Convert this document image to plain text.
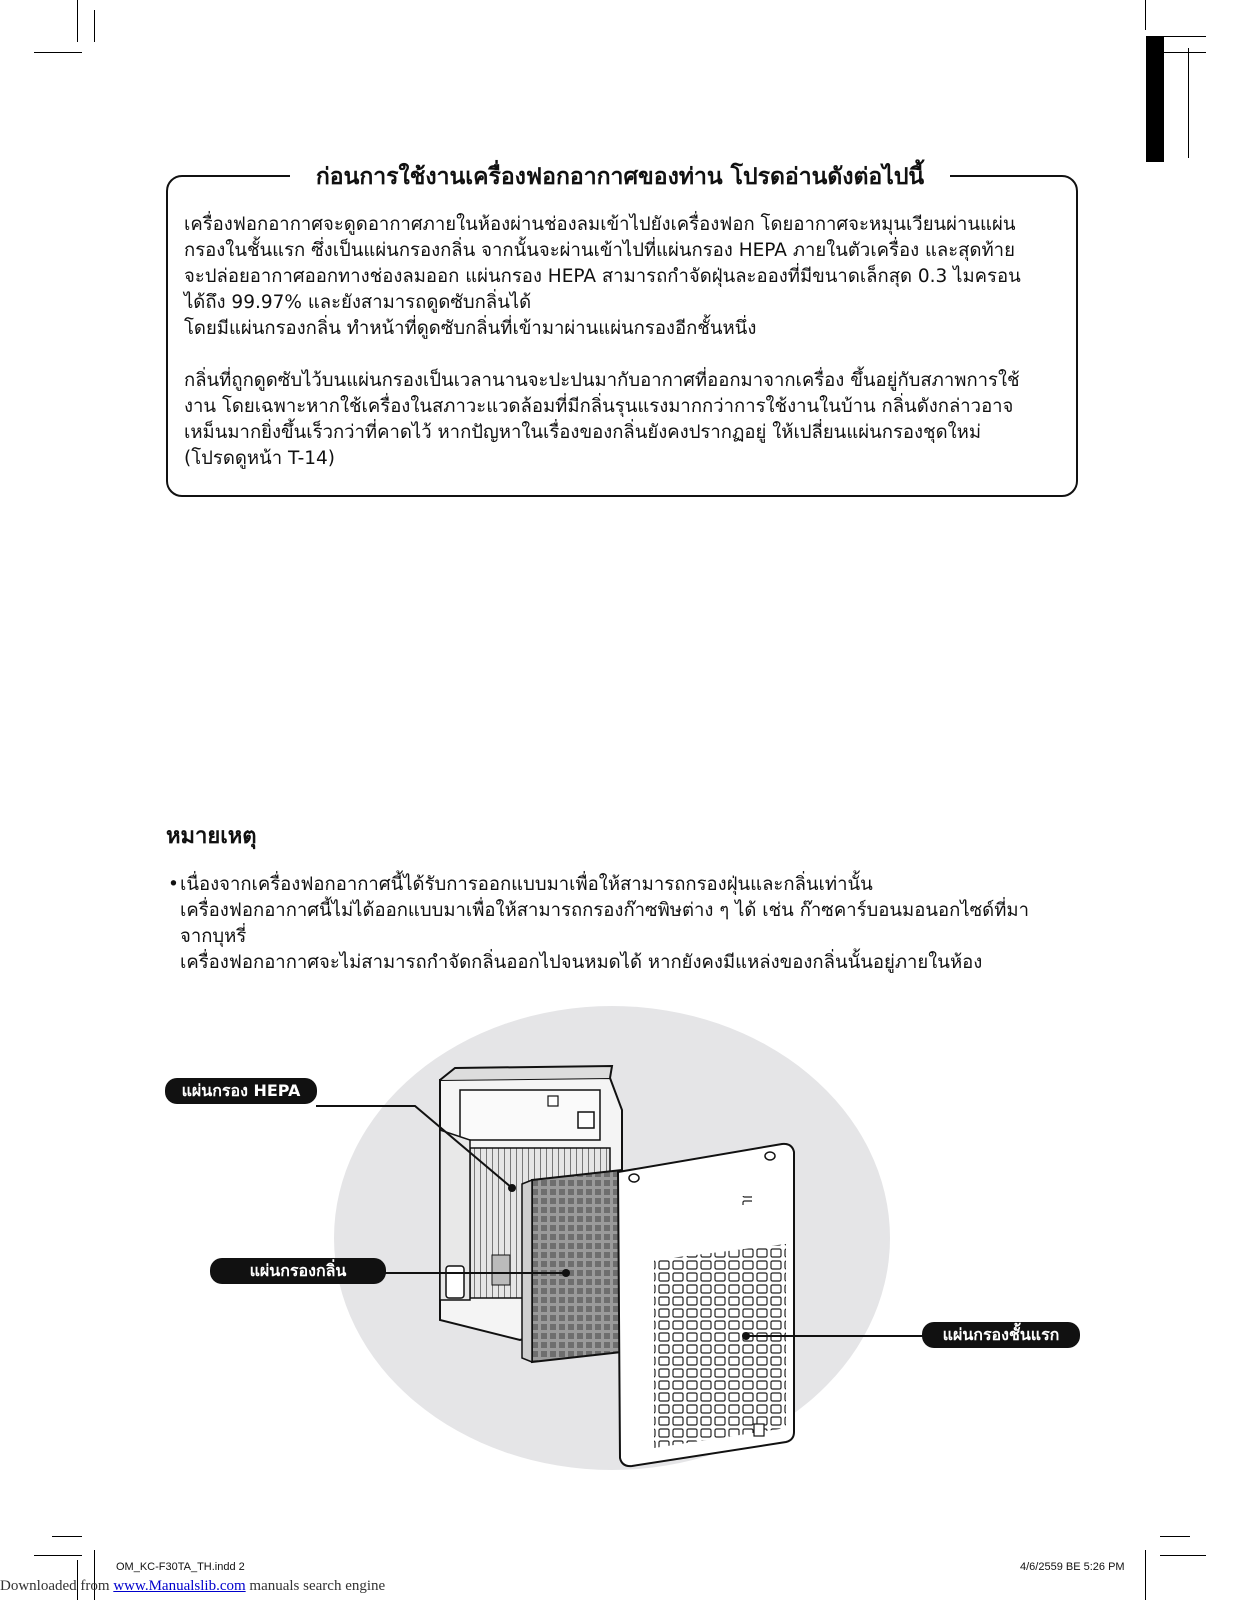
ก่อนการใช้งานเครื่องฟอกอากาศของท่าน โปรดอ่านดังต่อไปนี้
เครื่องฟอกอากาศจะดูดอากาศภายในห้องผ่านช่องลมเข้าไปยังเครื่องฟอก โดยอากาศจะหมุนเวียนผ่านแผ่น
กรองในชั้นแรก ซึ่งเป็นแผ่นกรองกลิ่น จากนั้นจะผ่านเข้าไปที่แผ่นกรอง HEPA ภายในตัวเครื่อง และสุดท้าย
จะปล่อยอากาศออกทางช่องลมออก แผ่นกรอง HEPA สามารถกำจัดฝุ่นละอองที่มีขนาดเล็กสุด 0.3 ไมครอน
ได้ถึง 99.97% และยังสามารถดูดซับกลิ่นได้
โดยมีแผ่นกรองกลิ่น ทำหน้าที่ดูดซับกลิ่นที่เข้ามาผ่านแผ่นกรองอีกชั้นหนึ่ง
กลิ่นที่ถูกดูดซับไว้บนแผ่นกรองเป็นเวลานานจะปะปนมากับอากาศที่ออกมาจากเครื่อง ขึ้นอยู่กับสภาพการใช้
งาน โดยเฉพาะหากใช้เครื่องในสภาวะแวดล้อมที่มีกลิ่นรุนแรงมากกว่าการใช้งานในบ้าน กลิ่นดังกล่าวอาจ
เหม็นมากยิ่งขึ้นเร็วกว่าที่คาดไว้ หากปัญหาในเรื่องของกลิ่นยังคงปรากฏอยู่ ให้เปลี่ยนแผ่นกรองชุดใหม่
(โปรดดูหน้า T-14)
หมายเหตุ
• เนื่องจากเครื่องฟอกอากาศนี้ได้รับการออกแบบมาเพื่อให้สามารถกรองฝุ่นและกลิ่นเท่านั้น
เครื่องฟอกอากาศนี้ไม่ได้ออกแบบมาเพื่อให้สามารถกรองก๊าซพิษต่าง ๆ ได้ เช่น ก๊าซคาร์บอนมอนอกไซด์ที่มา
จากบุหรี่
เครื่องฟอกอากาศจะไม่สามารถกำจัดกลิ่นออกไปจนหมดได้ หากยังคงมีแหล่งของกลิ่นนั้นอยู่ภายในห้อง
แผ่นกรอง HEPA
แผ่นกรองกลิ่น
แผ่นกรองชั้นแรก
OM_KC-F30TA_TH.indd 2	4/6/2559 BE 5:26 PM
Downloaded from www.Manualslib.com manuals search engine
